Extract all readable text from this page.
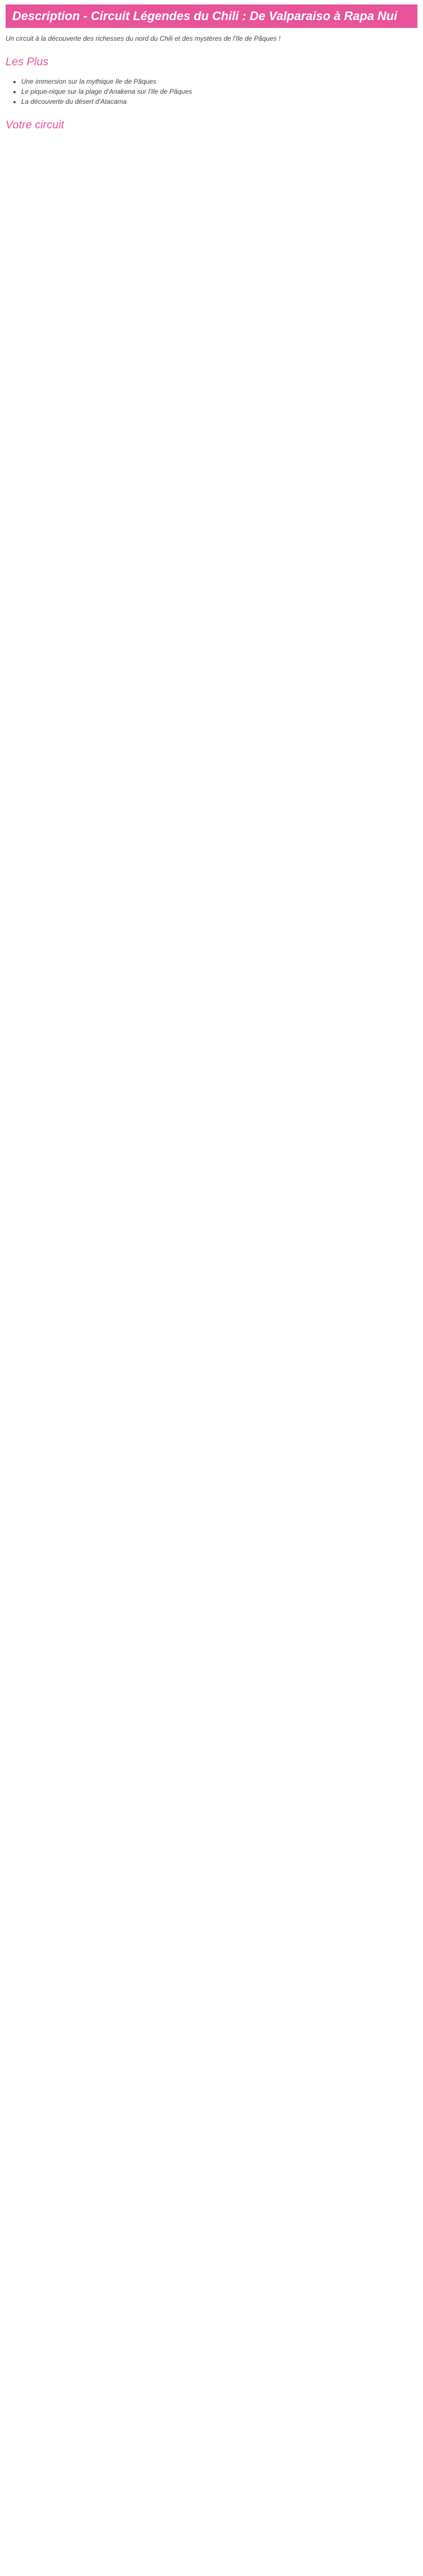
Description - Circuit Légendes du Chili : De Valparaiso à Rapa Nui

Un circuit à la découverte des richesses du nord du Chili et des mystères de l'Ile de Pâques !

Les Plus
• Une immersion sur la mythique Ile de Pâques
• Le pique-nique sur la plage d'Anakena sur l'Ile de Pâques
• La découverte du désert d'Atacama
Votre circuit
